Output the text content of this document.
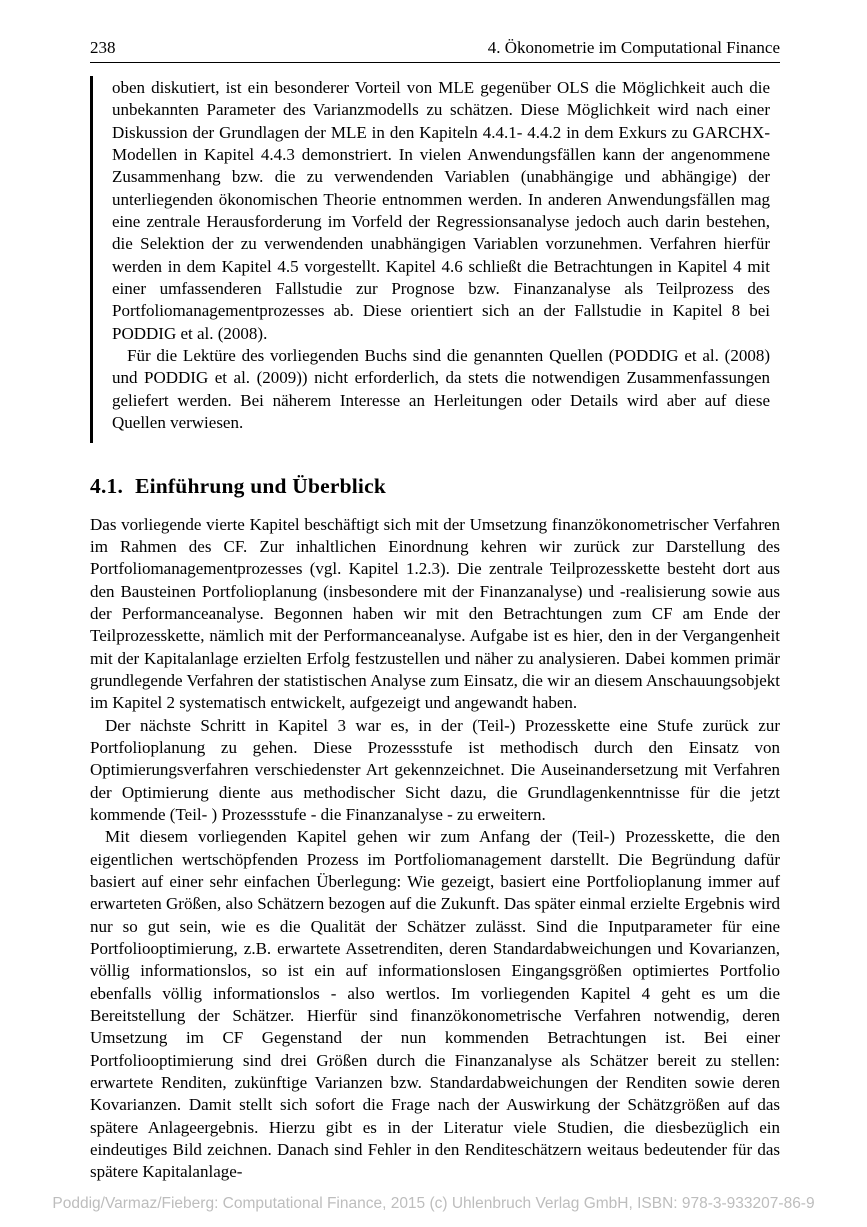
238	4. Ökonometrie im Computational Finance

oben diskutiert, ist ein besonderer Vorteil von MLE gegenüber OLS die Möglichkeit auch die unbekannten Parameter des Varianzmodells zu schätzen. Diese Möglichkeit wird nach einer Diskussion der Grundlagen der MLE in den Kapiteln 4.4.1- 4.4.2 in dem Exkurs zu GARCHX-Modellen in Kapitel 4.4.3 demonstriert. In vielen Anwendungsfällen kann der angenommene Zusammenhang bzw. die zu verwendenden Variablen (unabhängige und abhängige) der unterliegenden ökonomischen Theorie entnommen werden. In anderen Anwendungsfällen mag eine zentrale Herausforderung im Vorfeld der Regressionsanalyse jedoch auch darin bestehen, die Selektion der zu verwendenden unabhängigen Variablen vorzunehmen. Verfahren hierfür werden in dem Kapitel 4.5 vorgestellt. Kapitel 4.6 schließt die Betrachtungen in Kapitel 4 mit einer umfassenderen Fallstudie zur Prognose bzw. Finanzanalyse als Teilprozess des Portfoliomanagementprozesses ab. Diese orientiert sich an der Fallstudie in Kapitel 8 bei PODDIG et al. (2008).

Für die Lektüre des vorliegenden Buchs sind die genannten Quellen (PODDIG et al. (2008) und PODDIG et al. (2009)) nicht erforderlich, da stets die notwendigen Zusammenfassungen geliefert werden. Bei näherem Interesse an Herleitungen oder Details wird aber auf diese Quellen verwiesen.

4.1. Einführung und Überblick

Das vorliegende vierte Kapitel beschäftigt sich mit der Umsetzung finanzökonometrischer Verfahren im Rahmen des CF. Zur inhaltlichen Einordnung kehren wir zurück zur Darstellung des Portfoliomanagementprozesses (vgl. Kapitel 1.2.3). Die zentrale Teilprozesskette besteht dort aus den Bausteinen Portfolioplanung (insbesondere mit der Finanzanalyse) und -realisierung sowie aus der Performanceanalyse. Begonnen haben wir mit den Betrachtungen zum CF am Ende der Teilprozesskette, nämlich mit der Performanceanalyse. Aufgabe ist es hier, den in der Vergangenheit mit der Kapitalanlage erzielten Erfolg festzustellen und näher zu analysieren. Dabei kommen primär grundlegende Verfahren der statistischen Analyse zum Einsatz, die wir an diesem Anschauungsobjekt im Kapitel 2 systematisch entwickelt, aufgezeigt und angewandt haben.

Der nächste Schritt in Kapitel 3 war es, in der (Teil-) Prozesskette eine Stufe zurück zur Portfolioplanung zu gehen. Diese Prozessstufe ist methodisch durch den Einsatz von Optimierungsverfahren verschiedenster Art gekennzeichnet. Die Auseinandersetzung mit Verfahren der Optimierung diente aus methodischer Sicht dazu, die Grundlagenkenntnisse für die jetzt kommende (Teil- ) Prozessstufe - die Finanzanalyse - zu erweitern.

Mit diesem vorliegenden Kapitel gehen wir zum Anfang der (Teil-) Prozesskette, die den eigentlichen wertschöpfenden Prozess im Portfoliomanagement darstellt. Die Begründung dafür basiert auf einer sehr einfachen Überlegung: Wie gezeigt, basiert eine Portfolioplanung immer auf erwarteten Größen, also Schätzern bezogen auf die Zukunft. Das später einmal erzielte Ergebnis wird nur so gut sein, wie es die Qualität der Schätzer zulässt. Sind die Inputparameter für eine Portfoliooptimierung, z.B. erwartete Assetrenditen, deren Standardabweichungen und Kovarianzen, völlig informationslos, so ist ein auf informationslosen Eingangsgrößen optimiertes Portfolio ebenfalls völlig informationslos - also wertlos. Im vorliegenden Kapitel 4 geht es um die Bereitstellung der Schätzer. Hierfür sind finanzökonometrische Verfahren notwendig, deren Umsetzung im CF Gegenstand der nun kommenden Betrachtungen ist. Bei einer Portfoliooptimierung sind drei Größen durch die Finanzanalyse als Schätzer bereit zu stellen: erwartete Renditen, zukünftige Varianzen bzw. Standardabweichungen der Renditen sowie deren Kovarianzen. Damit stellt sich sofort die Frage nach der Auswirkung der Schätzgrößen auf das spätere Anlageergebnis. Hierzu gibt es in der Literatur viele Studien, die diesbezüglich ein eindeutiges Bild zeichnen. Danach sind Fehler in den Renditeschätzern weitaus bedeutender für das spätere Kapitalanlage-

Poddig/Varmaz/Fieberg: Computational Finance, 2015 (c) Uhlenbruch Verlag GmbH, ISBN: 978-3-933207-86-9
